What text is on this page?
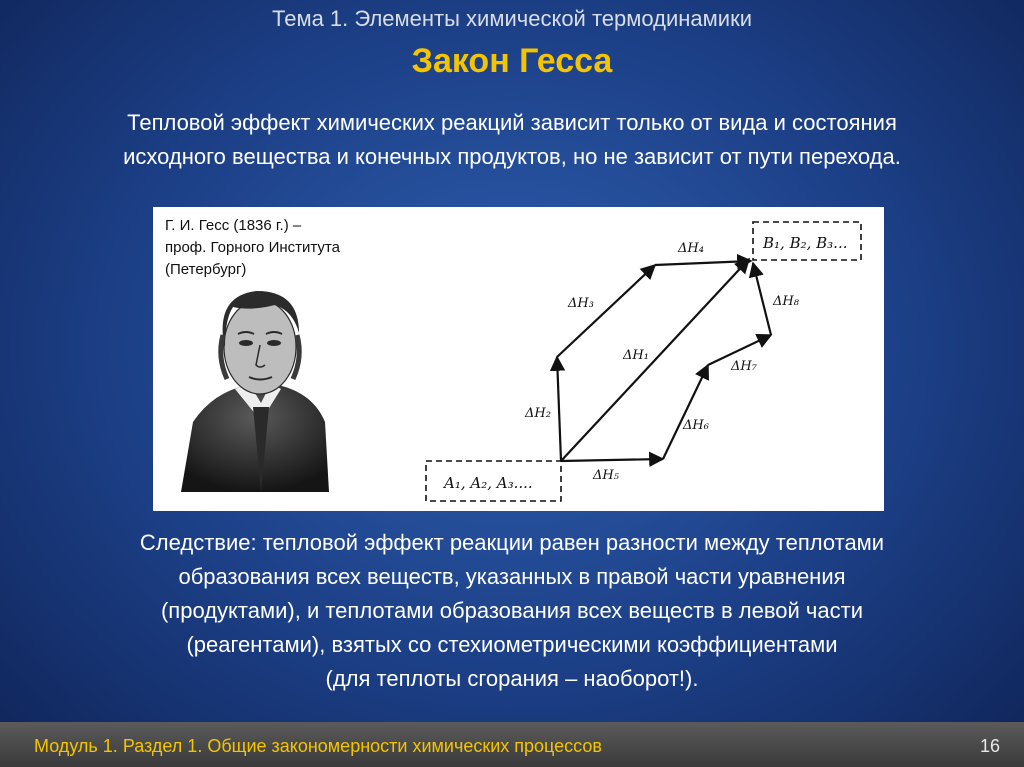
Тема 1. Элементы химической термодинамики
Закон Гесса
Тепловой эффект химических реакций зависит только от вида и состояния
исходного вещества и конечных продуктов, но не зависит от пути перехода.
A₁, A₂, A₃....
B₁, B₂, B₃...
ΔH₁
ΔH₂
ΔH₃
ΔH₄
ΔH₅
ΔH₆
ΔH₇
ΔH₈
Г. И. Гесс (1836 г.) –
проф. Горного Института
(Петербург)
Следствие: тепловой эффект реакции равен разности между теплотами
образования всех веществ, указанных в правой части уравнения
(продуктами), и теплотами образования всех веществ в левой части
(реагентами), взятых со стехиометрическими коэффициентами
(для теплоты сгорания – наоборот!).
Модуль 1. Раздел 1. Общие закономерности химических процессов	16
